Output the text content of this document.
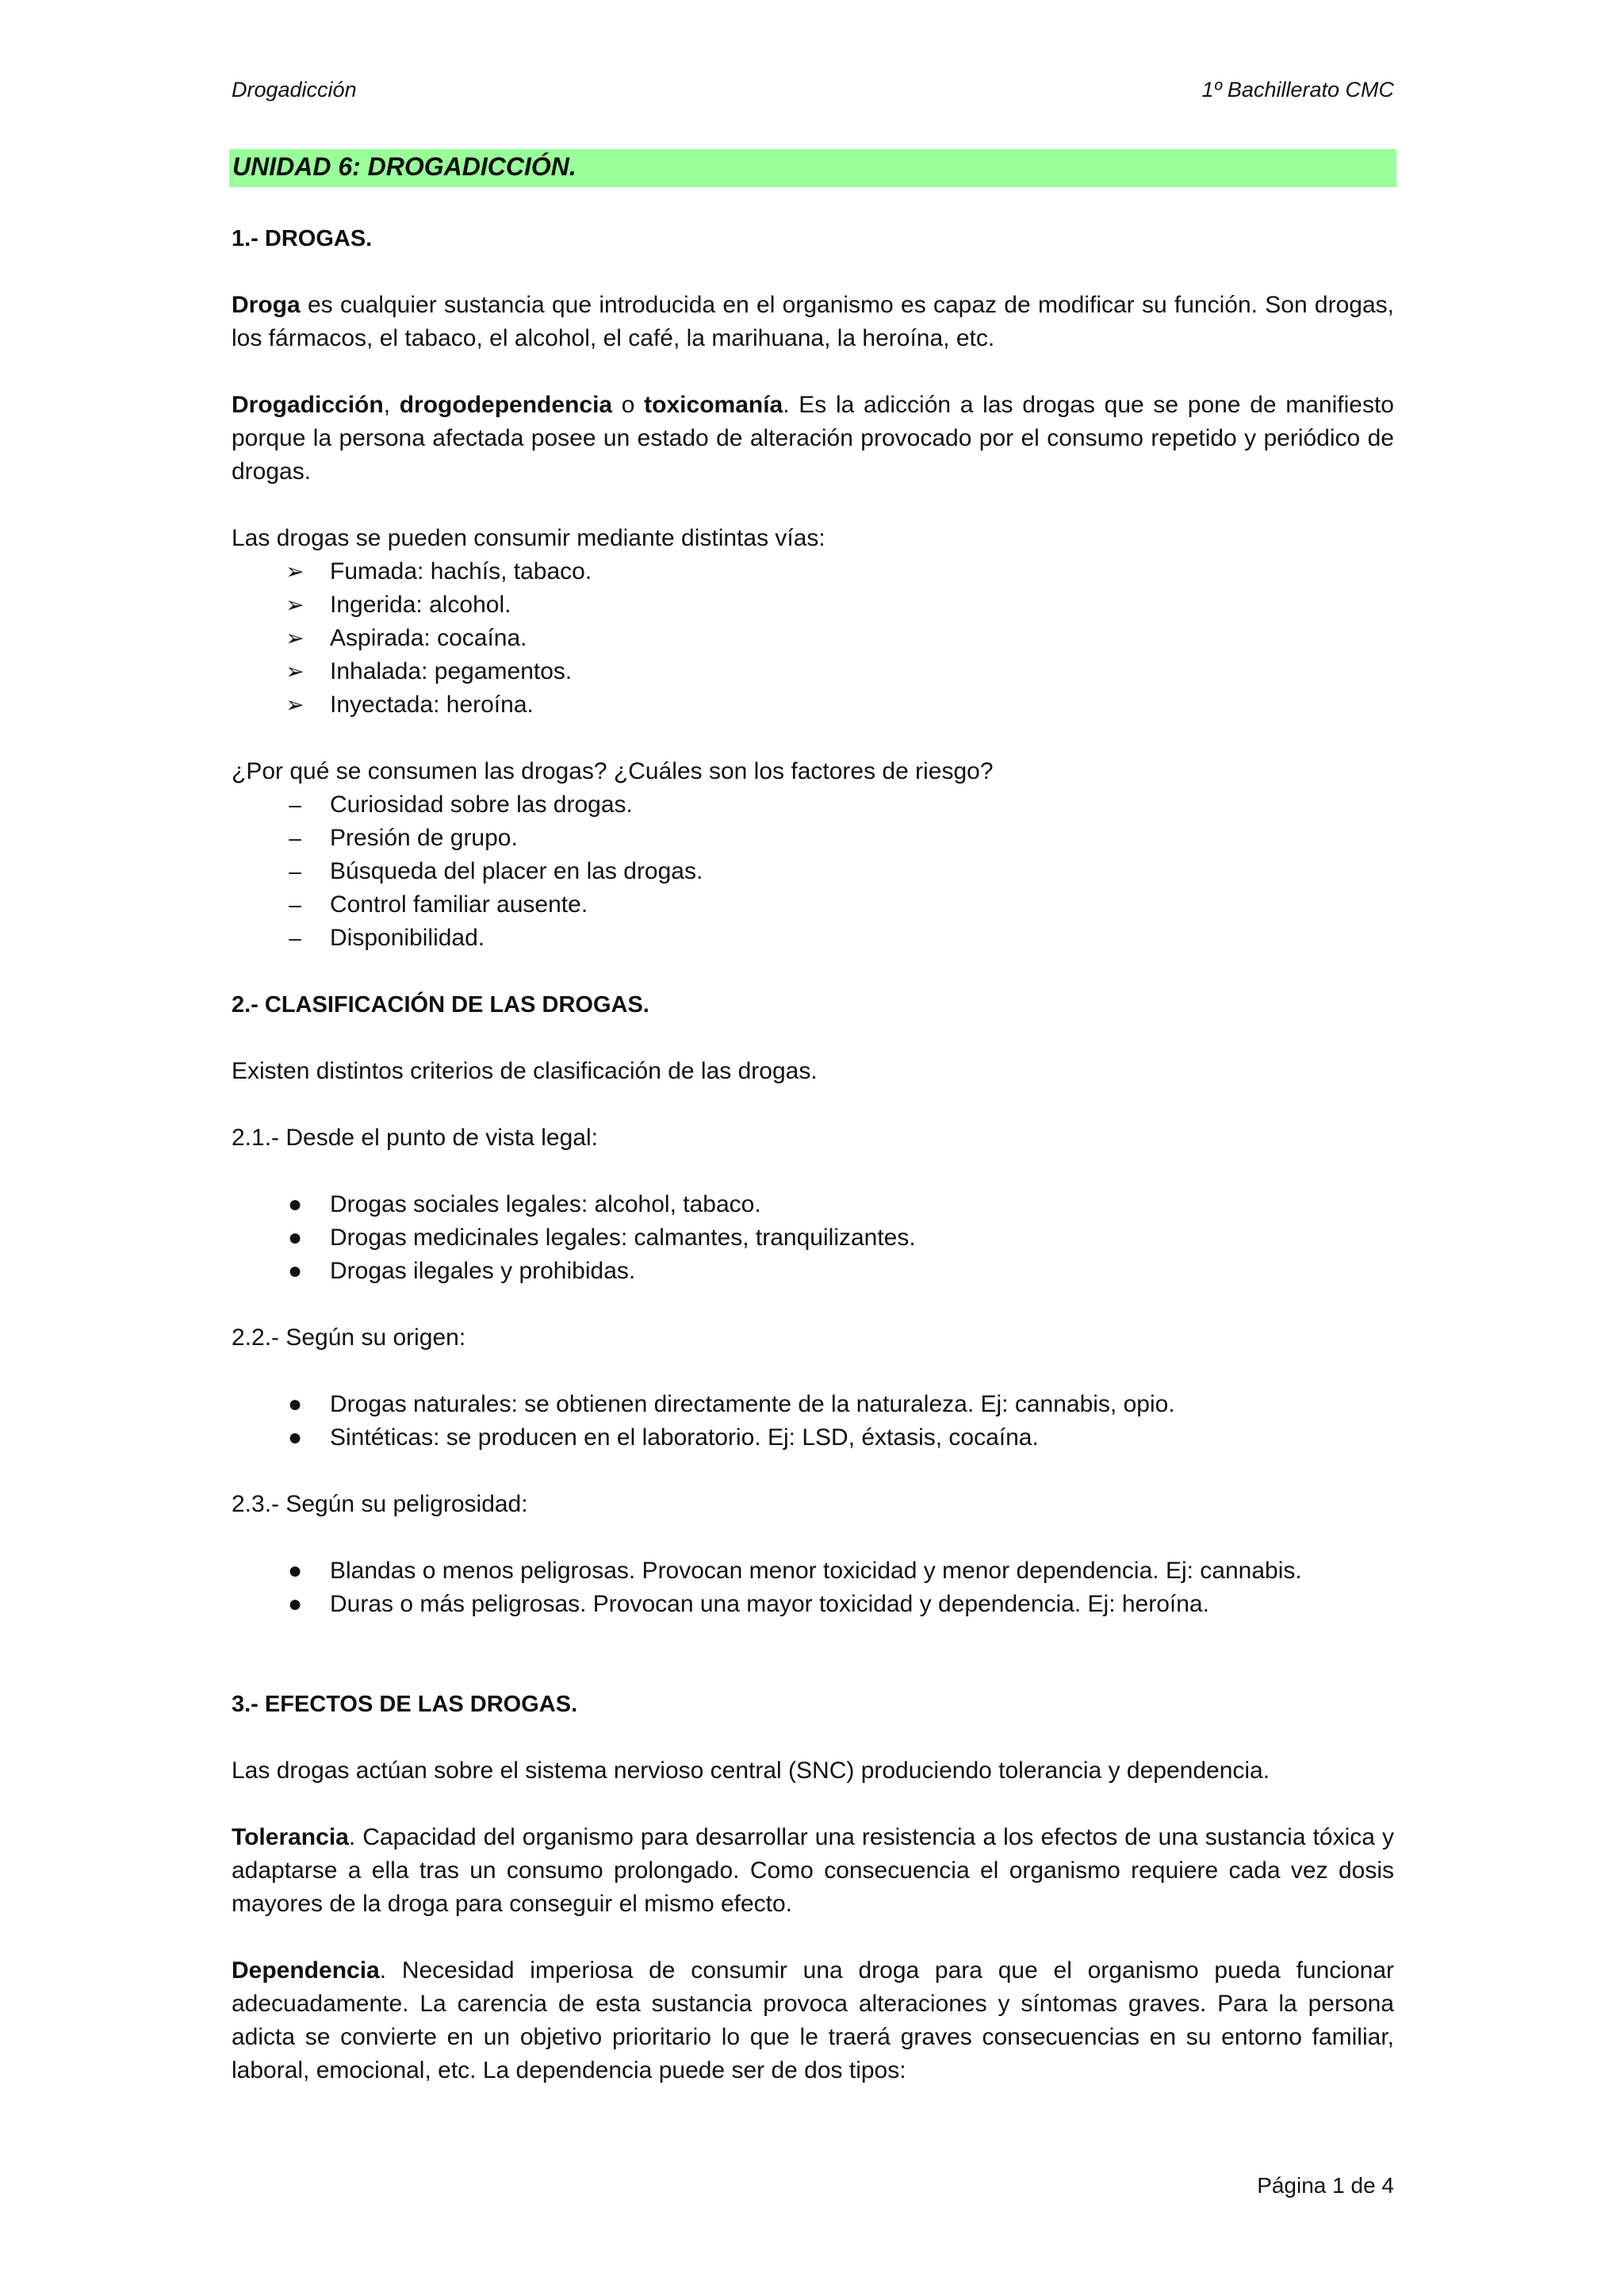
Drogadicción	1º Bachillerato CMC
UNIDAD 6: DROGADICCIÓN.
1.- DROGAS.

Droga es cualquier sustancia que introducida en el organismo es capaz de modificar su función. Son drogas, los fármacos, el tabaco, el alcohol, el café, la marihuana, la heroína, etc.

Drogadicción, drogodependencia o toxicomanía. Es la adicción a las drogas que se pone de manifiesto porque la persona afectada posee un estado de alteración provocado por el consumo repetido y periódico de drogas.

Las drogas se pueden consumir mediante distintas vías:

➢ Fumada: hachís, tabaco.
➢ Ingerida: alcohol.
➢ Aspirada: cocaína.
➢ Inhalada: pegamentos.
➢ Inyectada: heroína.

¿Por qué se consumen las drogas? ¿Cuáles son los factores de riesgo?

–	Curiosidad sobre las drogas.
–	Presión de grupo.
–	Búsqueda del placer en las drogas.
–	Control familiar ausente.
–	Disponibilidad.
2.- CLASIFICACIÓN DE LAS DROGAS.

Existen distintos criterios de clasificación de las drogas.

2.1.- Desde el punto de vista legal:

●	Drogas sociales legales: alcohol, tabaco.
●	Drogas medicinales legales: calmantes, tranquilizantes.
●	Drogas ilegales y prohibidas.

2.2.- Según su origen:

●	Drogas naturales: se obtienen directamente de la naturaleza. Ej: cannabis, opio.
●	Sintéticas: se producen en el laboratorio. Ej: LSD, éxtasis, cocaína.

2.3.- Según su peligrosidad:

●	Blandas o menos peligrosas. Provocan menor toxicidad y menor dependencia. Ej: cannabis.
●	Duras o más peligrosas. Provocan una mayor toxicidad y dependencia. Ej: heroína.
3.- EFECTOS DE LAS DROGAS.

Las drogas actúan sobre el sistema nervioso central (SNC) produciendo tolerancia y dependencia.

Tolerancia. Capacidad del organismo para desarrollar una resistencia a los efectos de una sustancia tóxica y adaptarse a ella tras un consumo prolongado. Como consecuencia el organismo requiere cada vez dosis mayores de la droga para conseguir el mismo efecto.

Dependencia. Necesidad imperiosa de consumir una droga para que el organismo pueda funcionar adecuadamente. La carencia de esta sustancia provoca alteraciones y síntomas graves. Para la persona adicta se convierte en un objetivo prioritario lo que le traerá graves consecuencias en su entorno familiar, laboral, emocional, etc. La dependencia puede ser de dos tipos:

Página 1 de 4
